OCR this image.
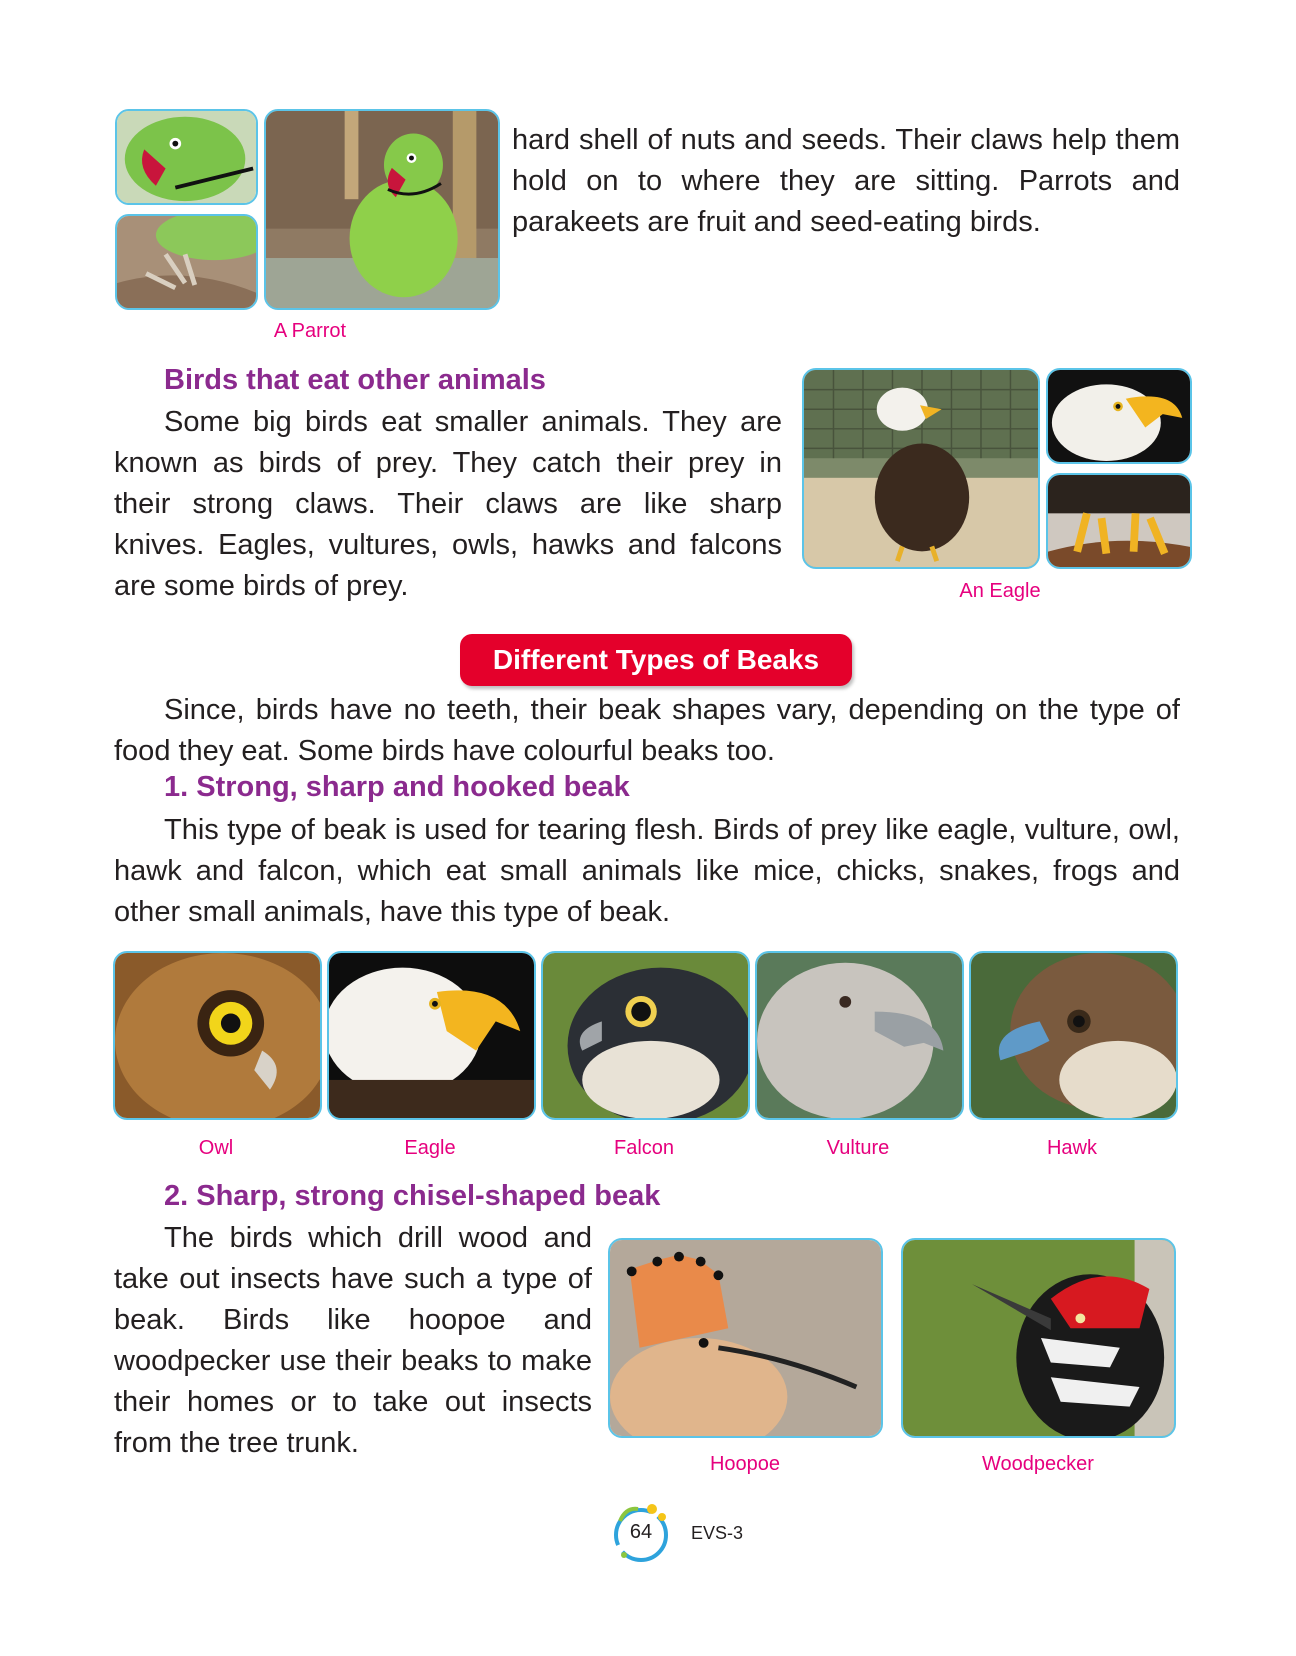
hard shell of nuts and seeds. Their claws help them hold on to where they are sitting. Parrots and parakeets are fruit and seed-eating birds.
A Parrot
Birds that eat other animals
Some big birds eat smaller animals. They are known as birds of prey. They catch their prey in their strong claws. Their claws are like sharp knives. Eagles, vultures, owls, hawks and falcons are some birds of prey.	An Eagle
Different Types of Beaks
Since, birds have no teeth, their beak shapes vary, depending on the type of food they eat. Some birds have colourful beaks too.
1. Strong, sharp and hooked beak
This type of beak is used for tearing flesh. Birds of prey like eagle, vulture, owl, hawk and falcon, which eat small animals like mice, chicks, snakes, frogs and other small animals, have this type of beak.
Owl	Eagle	Falcon	Vulture	Hawk
2. Sharp, strong chisel-shaped beak
The birds which drill wood and take out insects have such a type of beak. Birds like hoopoe and woodpecker use their beaks to make their homes or to take out insects from the tree trunk.
Hoopoe	Woodpecker
64	EVS-3
